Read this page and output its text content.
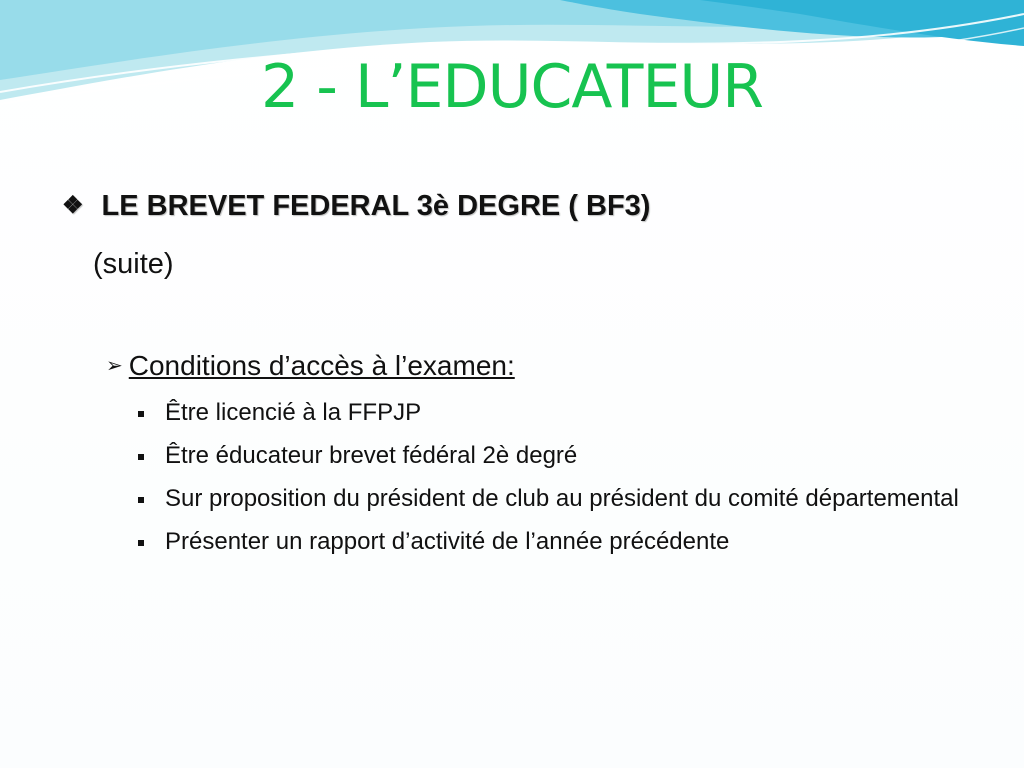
2 - L’EDUCATEUR
❖ LE BREVET FEDERAL 3è DEGRE ( BF3)
(suite)
➢ Conditions d’accès à l’examen:
Être licencié à la FFPJP
Être éducateur brevet fédéral 2è degré
Sur proposition du président de club au président du comité départemental
Présenter un rapport d’activité de l’année précédente
